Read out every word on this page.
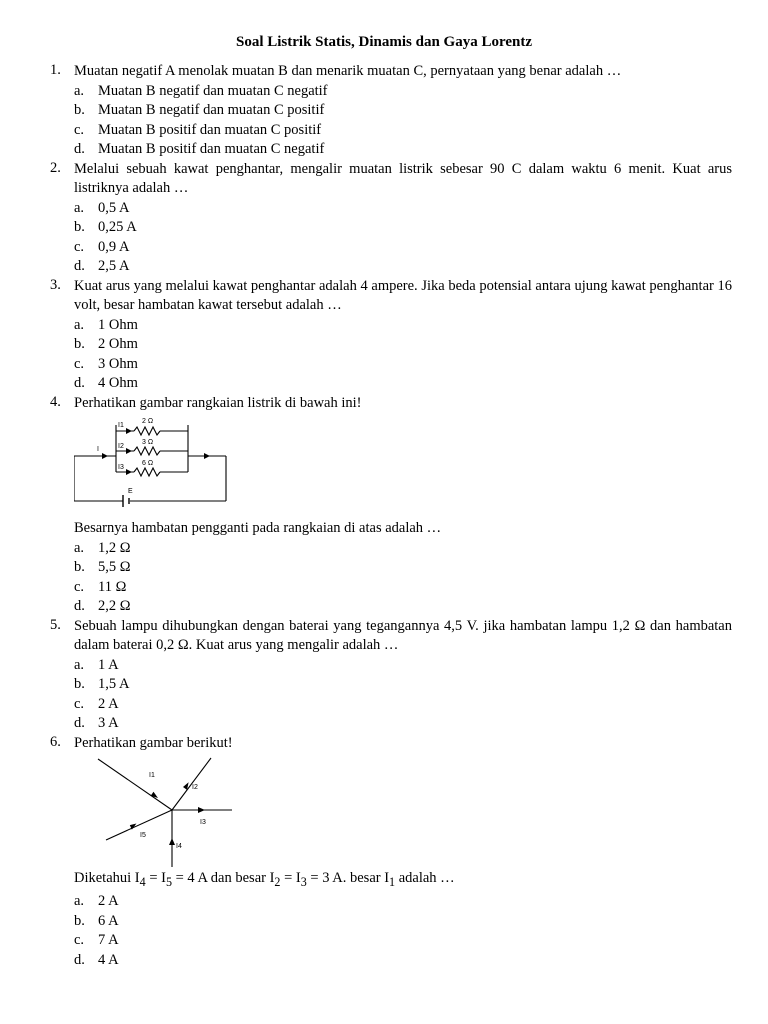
Soal Listrik Statis, Dinamis dan Gaya Lorentz
1. Muatan negatif A menolak muatan B dan menarik muatan C, pernyataan yang benar adalah …
a. Muatan B negatif dan muatan C negatif
b. Muatan B negatif dan muatan C positif
c. Muatan B positif dan muatan C positif
d. Muatan B positif dan muatan C negatif
2. Melalui sebuah kawat penghantar, mengalir muatan listrik sebesar 90 C dalam waktu 6 menit. Kuat arus listriknya adalah …
a. 0,5 A
b. 0,25 A
c. 0,9 A
d. 2,5 A
3. Kuat arus yang melalui kawat penghantar adalah 4 ampere. Jika beda potensial antara ujung kawat penghantar 16 volt, besar hambatan kawat tersebut adalah …
a. 1 Ohm
b. 2 Ohm
c. 3 Ohm
d. 4 Ohm
4. Perhatikan gambar rangkaian listrik di bawah ini!
2 Ω
3 Ω
6 Ω
I
I1
I2
I3
E
Besarnya hambatan pengganti pada rangkaian di atas adalah …
a. 1,2 Ω
b. 5,5 Ω
c. 11 Ω
d. 2,2 Ω
5. Sebuah lampu dihubungkan dengan baterai yang tegangannya 4,5 V. jika hambatan lampu 1,2 Ω dan hambatan dalam baterai 0,2 Ω. Kuat arus yang mengalir adalah …
a. 1 A
b. 1,5 A
c. 2 A
d. 3 A
6. Perhatikan gambar berikut!
I1
I2
I3
I4
I5
Diketahui $I_4 = I_5 = 4$ A dan besar $I_2 = I_3 = 3$ A. besar $I_1$ adalah …
a. 2 A
b. 6 A
c. 7 A
d. 4 A
